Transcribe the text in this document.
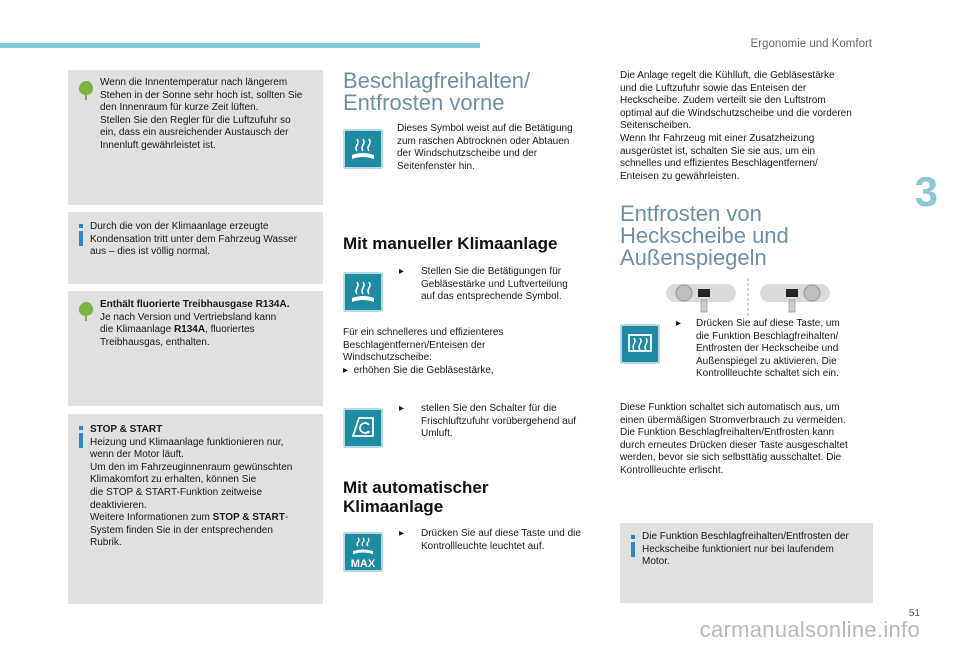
Ergonomie und Komfort
3
51
carmanualsonline.info

Wenn die Innentemperatur nach längerem

Stehen in der Sonne sehr hoch ist, sollten Sie

den Innenraum für kurze Zeit lüften.

Stellen Sie den Regler für die Luftzufuhr so

ein, dass ein ausreichender Austausch der

Innenluft gewährleistet ist.

Durch die von der Klimaanlage erzeugte

Kondensation tritt unter dem Fahrzeug Wasser

aus – dies ist völlig normal.

Enthält fluorierte Treibhausgase R134A.

Je nach Version und Vertriebsland kann

die Klimaanlage R134A, fluoriertes

Treibhausgas, enthalten.

STOP & START

Heizung und Klimaanlage funktionieren nur,

wenn der Motor läuft.

Um den im Fahrzeuginnenraum gewünschten

Klimakomfort zu erhalten, können Sie

die STOP & START-Funktion zeitweise

deaktivieren.

Weitere Informationen zum STOP & START-

System finden Sie in der entsprechenden

Rubrik.

Beschlagfreihalten/

Entfrosten vorne

Dieses Symbol weist auf die Betätigung
zum raschen Abtrocknen oder Abtauen
der Windschutzscheibe und der
Seitenfenster hin.

Mit manueller Klimaanlage

▸ Stellen Sie die Betätigungen für
Gebläsestärke und Luftverteilung
auf das entsprechende Symbol.
Für ein schnelleres und effizienteres
Beschlagentfernen/Enteisen der
Windschutzscheibe:
▸ erhöhen Sie die Gebläsestärke,
▸ stellen Sie den Schalter für die
Frischluftzufuhr vorübergehend auf
Umluft.

Mit automatischer

Klimaanlage

MAX
▸ Drücken Sie auf diese Taste und die
Kontrollleuchte leuchtet auf.
Die Anlage regelt die Kühlluft, die Gebläsestärke
und die Luftzufuhr sowie das Enteisen der
Heckscheibe. Zudem verteilt sie den Luftstrom
optimal auf die Windschutzscheibe und die vorderen
Seitenscheiben.
Wenn Ihr Fahrzeug mit einer Zusatzheizung
ausgerüstet ist, schalten Sie sie aus, um ein
schnelles und effizientes Beschlagentfernen/
Enteisen zu gewährleisten.

Entfrosten von

Heckscheibe und

Außenspiegeln

▸ Drücken Sie auf diese Taste, um
die Funktion Beschlagfreihalten/
Entfrosten der Heckscheibe und
Außenspiegel zu aktivieren. Die
Kontrollleuchte schaltet sich ein.
Diese Funktion schaltet sich automatisch aus, um
einen übermäßigen Stromverbrauch zu vermeiden.
Die Funktion Beschlagfreihalten/Entfrosten kann
durch erneutes Drücken dieser Taste ausgeschaltet
werden, bevor sie sich selbsttätig ausschaltet. Die
Kontrollleuchte erlischt.
Die Funktion Beschlagfreihalten/Entfrosten der
Heckscheibe funktioniert nur bei laufendem
Motor.
